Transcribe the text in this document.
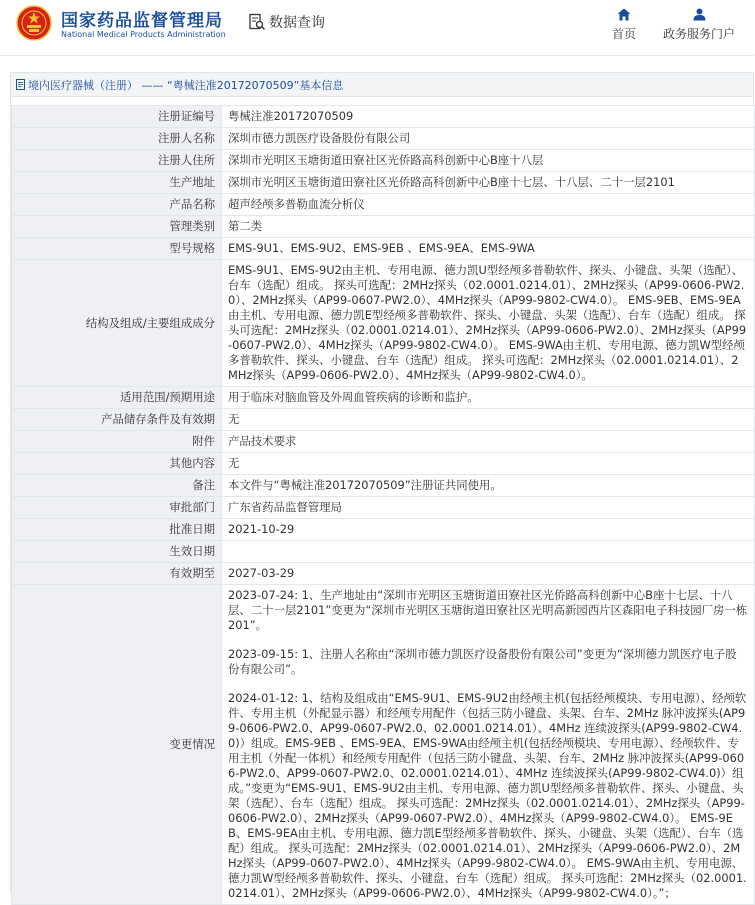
国家药品监督管理局
National Medical Products Administration
数据查询
首页	政务服务门户
境内医疗器械（注册） —— “粤械注准20172070509”基本信息
注册证编号	粤械注准20172070509
注册人名称	深圳市德力凯医疗设备股份有限公司
注册人住所	深圳市光明区玉塘街道田寮社区光侨路高科创新中心B座十八层
生产地址	深圳市光明区玉塘街道田寮社区光侨路高科创新中心B座十七层、十八层、二十一层2101
产品名称	超声经颅多普勒血流分析仪
管理类别	第二类
型号规格	EMS-9U1、EMS-9U2、EMS-9EB 、EMS-9EA、EMS-9WA
结构及组成/主要组成成分	EMS-9U1、EMS-9U2由主机、专用电源、德力凯U型经颅多普勒软件、探头、小键盘、头架（选配）、台车（选配）组成。 探头可选配：2MHz探头（02.0001.0214.01）、2MHz探头（AP99-0606-PW2.0）、2MHz探头（AP99-0607-PW2.0）、4MHz探头（AP99-9802-CW4.0）。 EMS-9EB、EMS-9EA由主机、专用电源、德力凯E型经颅多普勒软件、探头、小键盘、头架（选配）、台车（选配）组成。 探头可选配：2MHz探头（02.0001.0214.01）、2MHz探头（AP99-0606-PW2.0）、2MHz探头（AP99-0607-PW2.0）、4MHz探头（AP99-9802-CW4.0）。 EMS-9WA由主机、专用电源、德力凯W型经颅多普勒软件、探头、小键盘、台车（选配）组成。 探头可选配：2MHz探头（02.0001.0214.01）、2MHz探头（AP99-0606-PW2.0）、4MHz探头（AP99-9802-CW4.0）。
适用范围/预期用途	用于临床对脑血管及外周血管疾病的诊断和监护。
产品储存条件及有效期	无
附件	产品技术要求
其他内容	无
备注	本文件与“粤械注准20172070509”注册证共同使用。
审批部门	广东省药品监督管理局
批准日期	2021-10-29
生效日期	
有效期至	2027-03-29
变更情况	2023-07-24: 1、生产地址由“深圳市光明区玉塘街道田寮社区光侨路高科创新中心B座十七层、十八层、二十一层2101”变更为“深圳市光明区玉塘街道田寮社区光明高新园西片区森阳电子科技园厂房一栋201”。
2023-09-15: 1、注册人名称由“深圳市德力凯医疗设备股份有限公司”变更为“深圳德力凯医疗电子股份有限公司”。
2024-01-12: 1、结构及组成由“EMS-9U1、EMS-9U2由经颅主机(包括经颅模块、专用电源）、经颅软件、专用主机（外配显示器）和经颅专用配件（包括三防小键盘、头架、台车、2MHz 脉冲波探头(AP99-0606-PW2.0、AP99-0607-PW2.0、02.0001.0214.01）、4MHz 连续波探头(AP99-9802-CW4.0)）组成。EMS-9EB 、EMS-9EA、EMS-9WA由经颅主机(包括经颅模块、专用电源）、经颅软件、专用主机（外配一体机）和经颅专用配件（包括三防小键盘、头架、台车、2MHz 脉冲波探头(AP99-0606-PW2.0、AP99-0607-PW2.0、02.0001.0214.01）、4MHz 连续波探头(AP99-9802-CW4.0)）组成。”变更为“EMS-9U1、EMS-9U2由主机、专用电源、德力凯U型经颅多普勒软件、探头、小键盘、头架（选配）、台车（选配）组成。 探头可选配：2MHz探头（02.0001.0214.01）、2MHz探头（AP99-0606-PW2.0）、2MHz探头（AP99-0607-PW2.0）、4MHz探头（AP99-9802-CW4.0）。 EMS-9EB、EMS-9EA由主机、专用电源、德力凯E型经颅多普勒软件、探头、小键盘、头架（选配）、台车（选配）组成。 探头可选配：2MHz探头（02.0001.0214.01）、2MHz探头（AP99-0606-PW2.0）、2MHz探头（AP99-0607-PW2.0）、4MHz探头（AP99-9802-CW4.0）。 EMS-9WA由主机、专用电源、德力凯W型经颅多普勒软件、探头、小键盘、台车（选配）组成。 探头可选配：2MHz探头（02.0001.0214.01）、2MHz探头（AP99-0606-PW2.0）、4MHz探头（AP99-9802-CW4.0）。”；
